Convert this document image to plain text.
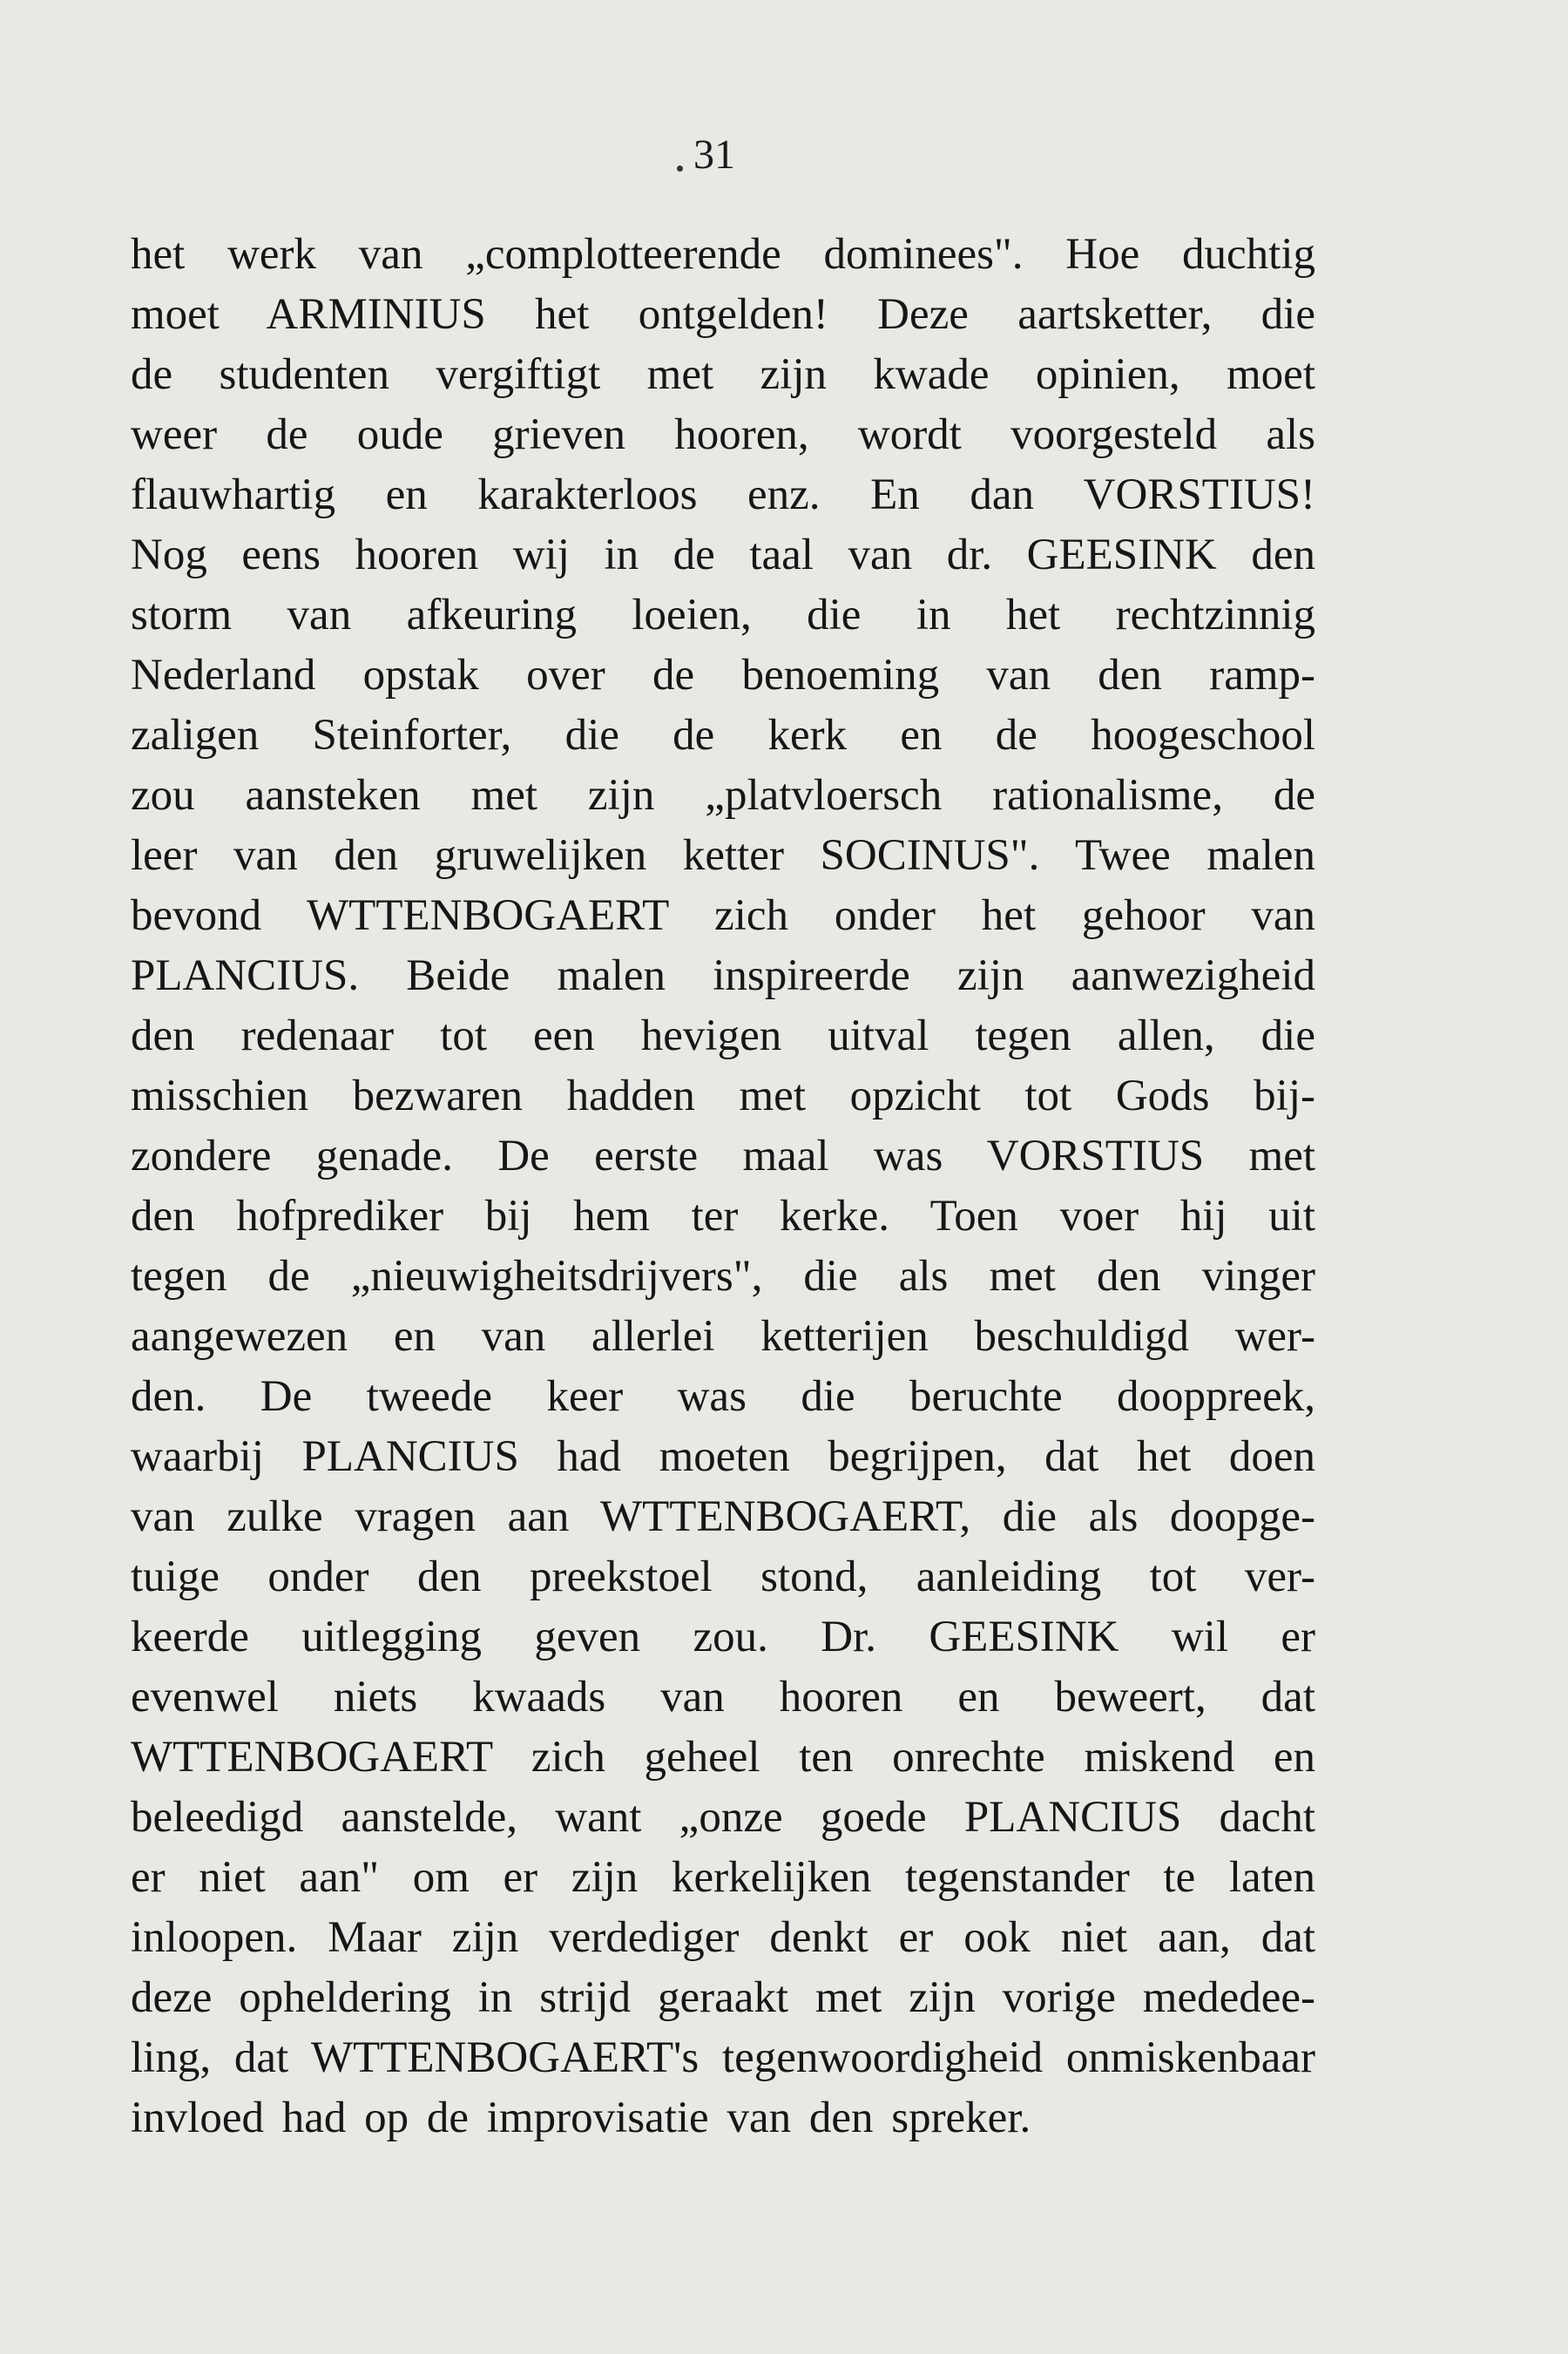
31
het werk van „complotteerende dominees". Hoe duchtig
moet ARMINIUS het ontgelden! Deze aartsketter, die
de studenten vergiftigt met zijn kwade opinien, moet
weer de oude grieven hooren, wordt voorgesteld als
flauwhartig en karakterloos enz. En dan VORSTIUS!
Nog eens hooren wij in de taal van dr. GEESINK den
storm van afkeuring loeien, die in het rechtzinnig
Nederland opstak over de benoeming van den ramp-
zaligen Steinforter, die de kerk en de hoogeschool
zou aansteken met zijn „platvloersch rationalisme, de
leer van den gruwelijken ketter SOCINUS". Twee malen
bevond WTTENBOGAERT zich onder het gehoor van
PLANCIUS. Beide malen inspireerde zijn aanwezigheid
den redenaar tot een hevigen uitval tegen allen, die
misschien bezwaren hadden met opzicht tot Gods bij-
zondere genade. De eerste maal was VORSTIUS met
den hofprediker bij hem ter kerke. Toen voer hij uit
tegen de „nieuwigheitsdrijvers", die als met den vinger
aangewezen en van allerlei ketterijen beschuldigd wer-
den. De tweede keer was die beruchte dooppreek,
waarbij PLANCIUS had moeten begrijpen, dat het doen
van zulke vragen aan WTTENBOGAERT, die als doopge-
tuige onder den preekstoel stond, aanleiding tot ver-
keerde uitlegging geven zou. Dr. GEESINK wil er
evenwel niets kwaads van hooren en beweert, dat
WTTENBOGAERT zich geheel ten onrechte miskend en
beleedigd aanstelde, want „onze goede PLANCIUS dacht
er niet aan" om er zijn kerkelijken tegenstander te laten
inloopen. Maar zijn verdediger denkt er ook niet aan, dat
deze opheldering in strijd geraakt met zijn vorige mededee-
ling, dat WTTENBOGAERT's tegenwoordigheid onmiskenbaar
invloed had op de improvisatie van den spreker.
